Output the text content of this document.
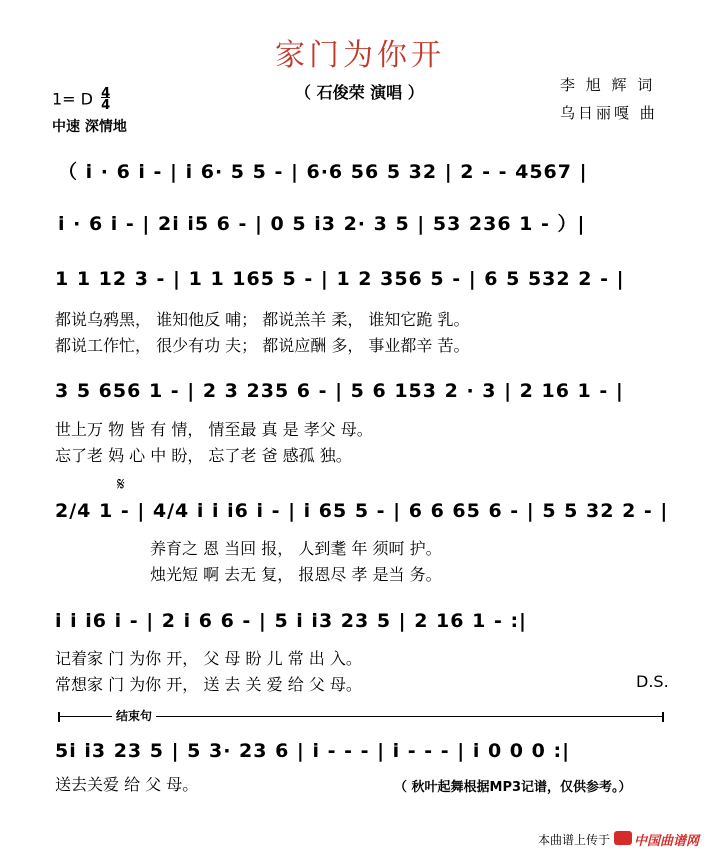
家门为你开
（ 石俊荣 演唱 ）
1= D 4
4
中速 深情地
李 旭 辉 词
乌日丽嘎 曲
（ i · 6 i - | i 6· 5 5 - | 6·6 56 5 32 | 2 - - 4567 |
i · 6 i - | 2i i5 6 - | 0 5 i3 2· 3 5 | 53 236 1 - ）|
1 1 12 3 - | 1 1 165 5 - | 1 2 356 5 - | 6 5 532 2 - |
都说乌鸦黑， 谁知他反 哺； 都说羔羊 柔， 谁知它跪 乳。
都说工作忙， 很少有功 夫； 都说应酬 多， 事业都辛 苦。
3 5 656 1 - | 2 3 235 6 - | 5 6 153 2 · 3 | 2 16 1 - |
世上万 物 皆 有 情， 情至最 真 是 孝父 母。
忘了老 妈 心 中 盼， 忘了老 爸 感孤 独。
𝄋
2/4 1 - | 4/4 i i i6 i - | i 65 5 - | 6 6 65 6 - | 5 5 32 2 - |
养育之 恩 当回 报， 人到耄 年 须呵 护。
烛光短 啊 去无 复， 报恩尽 孝 是当 务。
i i i6 i - | 2 i 6 6 - | 5 i i3 23 5 | 2 16 1 - :|
记着家 门 为你 开， 父 母 盼 儿 常 出 入。
常想家 门 为你 开， 送 去 关 爱 给 父 母。	D.S.
结束句
5i i3 23 5 | 5 3· 23 6 | i - - - | i - - - | i 0 0 0 :|
送去关爱 给 父 母。	（ 秋叶起舞根据MP3记谱，仅供参考。）
本曲谱上传于 中国曲谱网
